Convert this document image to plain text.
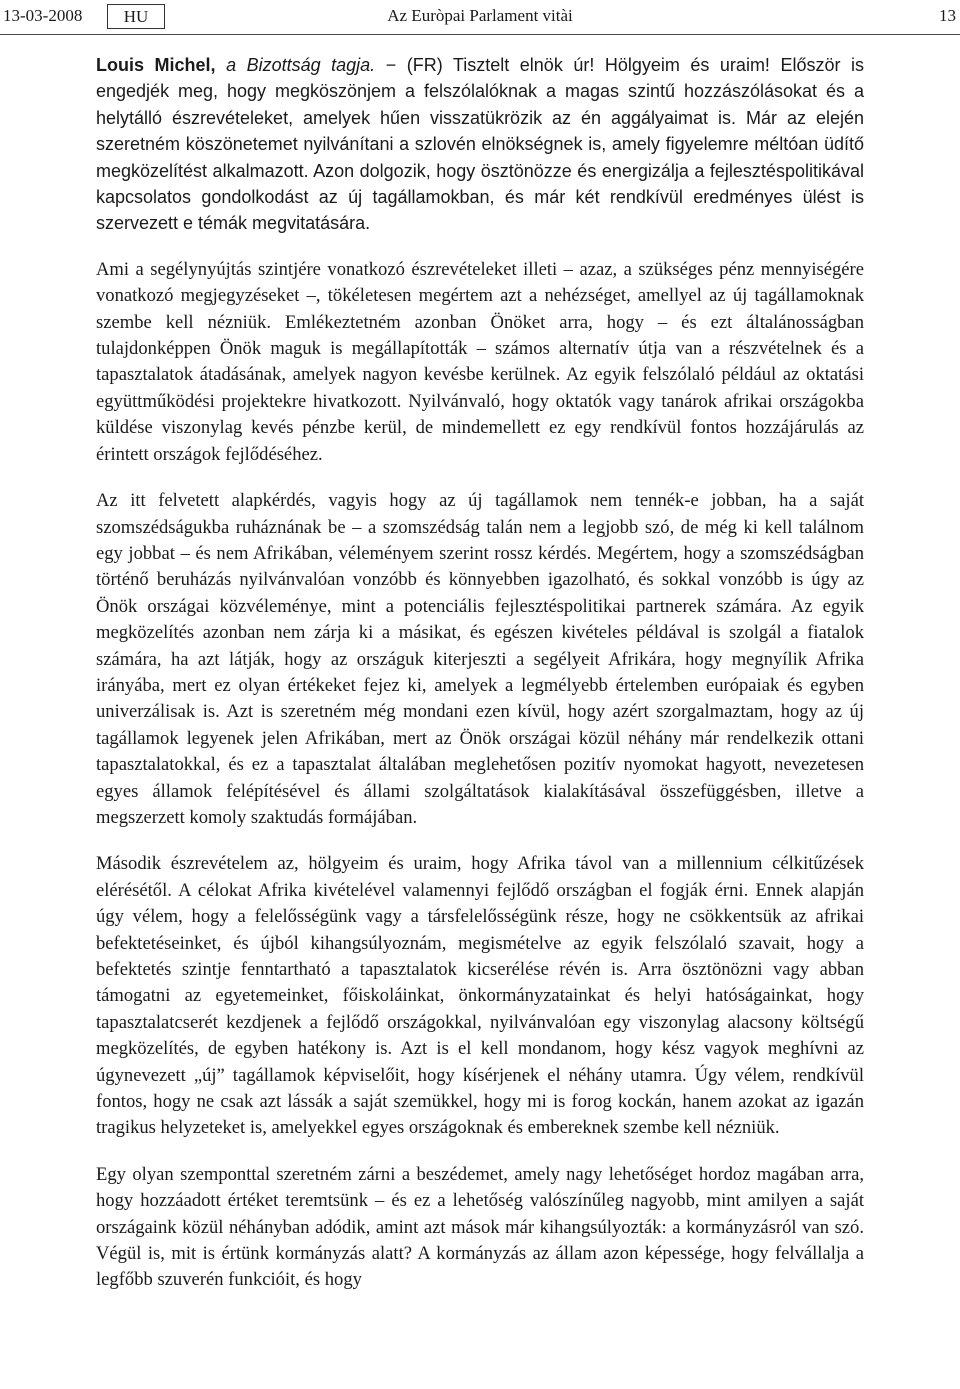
13-03-2008	HU	Az Euròpai Parlament vitài	13

Louis Michel, a Bizottság tagja. − (FR) Tisztelt elnök úr! Hölgyeim és uraim! Először is engedjék meg, hogy megköszönjem a felszólalóknak a magas szintű hozzászólásokat és a helytálló észrevételeket, amelyek hűen visszatükrözik az én aggályaimat is. Már az elején szeretném köszönetemet nyilvánítani a szlovén elnökségnek is, amely figyelemre méltóan üdítő megközelítést alkalmazott. Azon dolgozik, hogy ösztönözze és energizálja a fejlesztéspolitikával kapcsolatos gondolkodást az új tagállamokban, és már két rendkívül eredményes ülést is szervezett e témák megvitatására.

Ami a segélynyújtás szintjére vonatkozó észrevételeket illeti – azaz, a szükséges pénz mennyiségére vonatkozó megjegyzéseket –, tökéletesen megértem azt a nehézséget, amellyel az új tagállamoknak szembe kell nézniük. Emlékeztetném azonban Önöket arra, hogy – és ezt általánosságban tulajdonképpen Önök maguk is megállapították – számos alternatív útja van a részvételnek és a tapasztalatok átadásának, amelyek nagyon kevésbe kerülnek. Az egyik felszólaló például az oktatási együttműködési projektekre hivatkozott. Nyilvánvaló, hogy oktatók vagy tanárok afrikai országokba küldése viszonylag kevés pénzbe kerül, de mindemellett ez egy rendkívül fontos hozzájárulás az érintett országok fejlődéséhez.

Az itt felvetett alapkérdés, vagyis hogy az új tagállamok nem tennék-e jobban, ha a saját szomszédságukba ruháznának be – a szomszédság talán nem a legjobb szó, de még ki kell találnom egy jobbat – és nem Afrikában, véleményem szerint rossz kérdés. Megértem, hogy a szomszédságban történő beruházás nyilvánvalóan vonzóbb és könnyebben igazolható, és sokkal vonzóbb is úgy az Önök országai közvéleménye, mint a potenciális fejlesztéspolitikai partnerek számára. Az egyik megközelítés azonban nem zárja ki a másikat, és egészen kivételes példával is szolgál a fiatalok számára, ha azt látják, hogy az országuk kiterjeszti a segélyeit Afrikára, hogy megnyílik Afrika irányába, mert ez olyan értékeket fejez ki, amelyek a legmélyebb értelemben európaiak és egyben univerzálisak is. Azt is szeretném még mondani ezen kívül, hogy azért szorgalmaztam, hogy az új tagállamok legyenek jelen Afrikában, mert az Önök országai közül néhány már rendelkezik ottani tapasztalatokkal, és ez a tapasztalat általában meglehetősen pozitív nyomokat hagyott, nevezetesen egyes államok felépítésével és állami szolgáltatások kialakításával összefüggésben, illetve a megszerzett komoly szaktudás formájában.

Második észrevételem az, hölgyeim és uraim, hogy Afrika távol van a millennium célkitűzések elérésétől. A célokat Afrika kivételével valamennyi fejlődő országban el fogják érni. Ennek alapján úgy vélem, hogy a felelősségünk vagy a társfelelősségünk része, hogy ne csökkentsük az afrikai befektetéseinket, és újból kihangsúlyoznám, megismételve az egyik felszólaló szavait, hogy a befektetés szintje fenntartható a tapasztalatok kicserélése révén is. Arra ösztönözni vagy abban támogatni az egyetemeinket, főiskoláinkat, önkormányzatainkat és helyi hatóságainkat, hogy tapasztalatcserét kezdjenek a fejlődő országokkal, nyilvánvalóan egy viszonylag alacsony költségű megközelítés, de egyben hatékony is. Azt is el kell mondanom, hogy kész vagyok meghívni az úgynevezett „új” tagállamok képviselőit, hogy kísérjenek el néhány utamra. Úgy vélem, rendkívül fontos, hogy ne csak azt lássák a saját szemükkel, hogy mi is forog kockán, hanem azokat az igazán tragikus helyzeteket is, amelyekkel egyes országoknak és embereknek szembe kell nézniük.

Egy olyan szemponttal szeretném zárni a beszédemet, amely nagy lehetőséget hordoz magában arra, hogy hozzáadott értéket teremtsünk – és ez a lehetőség valószínűleg nagyobb, mint amilyen a saját országaink közül néhányban adódik, amint azt mások már kihangsúlyozták: a kormányzásról van szó. Végül is, mit is értünk kormányzás alatt? A kormányzás az állam azon képessége, hogy felvállalja a legfőbb szuverén funkcióit, és hogy
